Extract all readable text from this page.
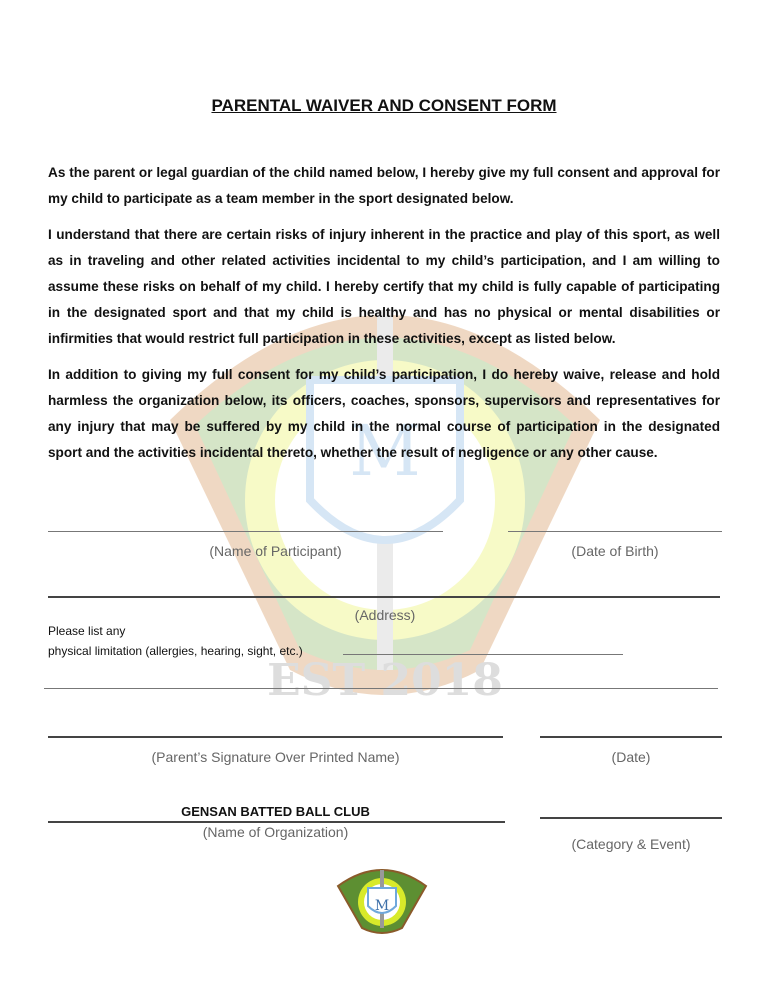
M
EST 2018
PARENTAL WAIVER AND CONSENT FORM

As the parent or legal guardian of the child named below, I hereby give my full consent and approval for my child to participate as a team member in the sport designated below.

I understand that there are certain risks of injury inherent in the practice and play of this sport, as well as in traveling and other related activities incidental to my child’s participation, and I am willing to assume these risks on behalf of my child. I hereby certify that my child is fully capable of participating in the designated sport and that my child is healthy and has no physical or mental disabilities or infirmities that would restrict full participation in these activities, except as listed below.

In addition to giving my full consent for my child’s participation, I do hereby waive, release and hold harmless the organization below, its officers, coaches, sponsors, supervisors and representatives for any injury that may be suffered by my child in the normal course of participation in the designated sport and the activities incidental thereto, whether the result of negligence or any other cause.

(Name of Participant)	(Date of Birth)
(Address)
Please list any
physical limitation (allergies, hearing, sight, etc.)
(Parent’s Signature Over Printed Name)	(Date)
GENSAN BATTED BALL CLUB
(Name of Organization)
(Category & Event)
M
